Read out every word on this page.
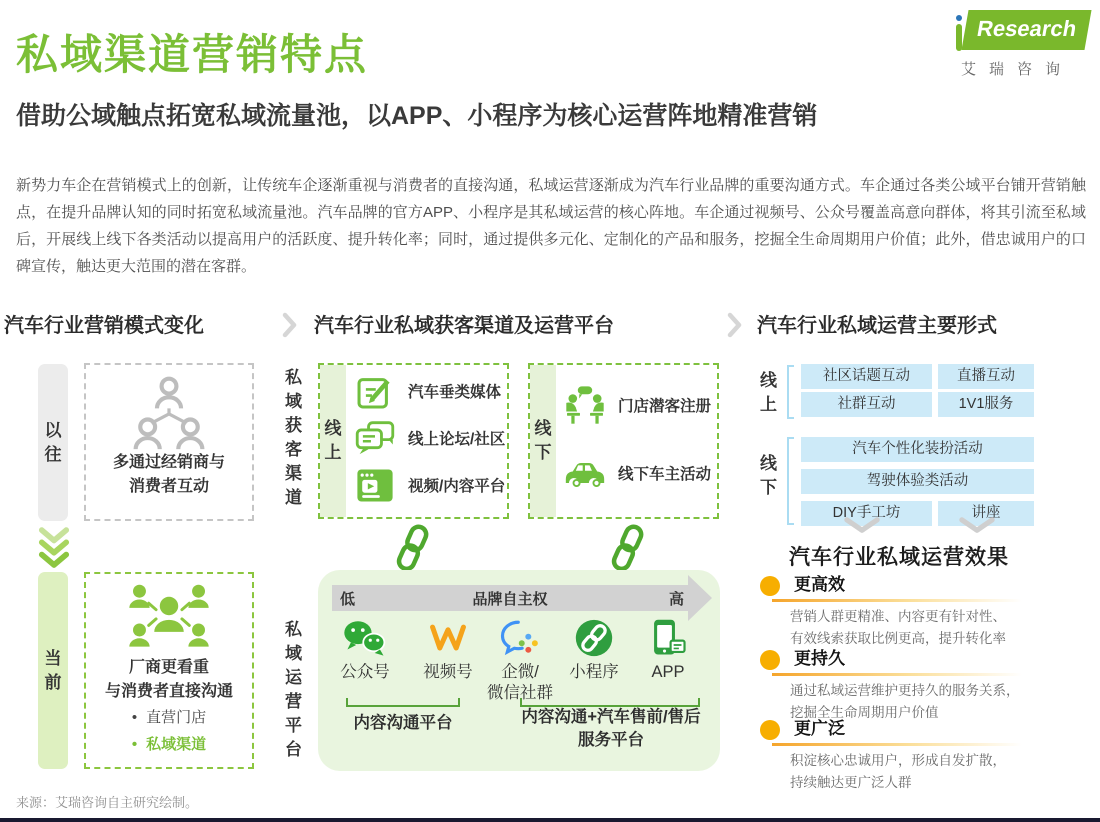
私域渠道营销特点
Research
艾瑞咨询
借助公域触点拓宽私域流量池，以APP、小程序为核心运营阵地精准营销

新势力车企在营销模式上的创新，让传统车企逐渐重视与消费者的直接沟通，私域运营逐渐成为汽车行业品牌的重要沟通方式。车企通过各类公域平台铺开营销触点，在提升品牌认知的同时拓宽私域流量池。汽车品牌的官方APP、小程序是其私域运营的核心阵地。车企通过视频号、公众号覆盖高意向群体，将其引流至私域后，开展线上线下各类活动以提高用户的活跃度、提升转化率；同时，通过提供多元化、定制化的产品和服务，挖掘全生命周期用户价值；此外，借忠诚用户的口碑宣传，触达更大范围的潜在客群。

汽车行业营销模式变化	汽车行业私域获客渠道及运营平台	汽车行业私域运营主要形式
以往	多通过经销商与
消费者互动
当前
厂商更看重
与消费者直接沟通
• 直营门店
• 私域渠道
私域获客渠道
线上
汽车垂类媒体
线上论坛/社区
视频/内容平台
线下
门店潜客注册
线下车主活动
私域运营平台
低	品牌自主权	高
公众号	视频号	企微/
微信社群
小程序	APP
内容沟通平台	内容沟通+汽车售前/售后
服务平台
线上
社区话题互动	直播互动
社群互动	1V1服务
线下
汽车个性化装扮活动
驾驶体验类活动
DIY手工坊	讲座
汽车行业私域运营效果
更高效
营销人群更精准、内容更有针对性、
有效线索获取比例更高，提升转化率
更持久
通过私域运营维护更持久的服务关系，
挖掘全生命周期用户价值
更广泛
积淀核心忠诚用户，形成自发扩散，
持续触达更广泛人群
来源：艾瑞咨询自主研究绘制。
